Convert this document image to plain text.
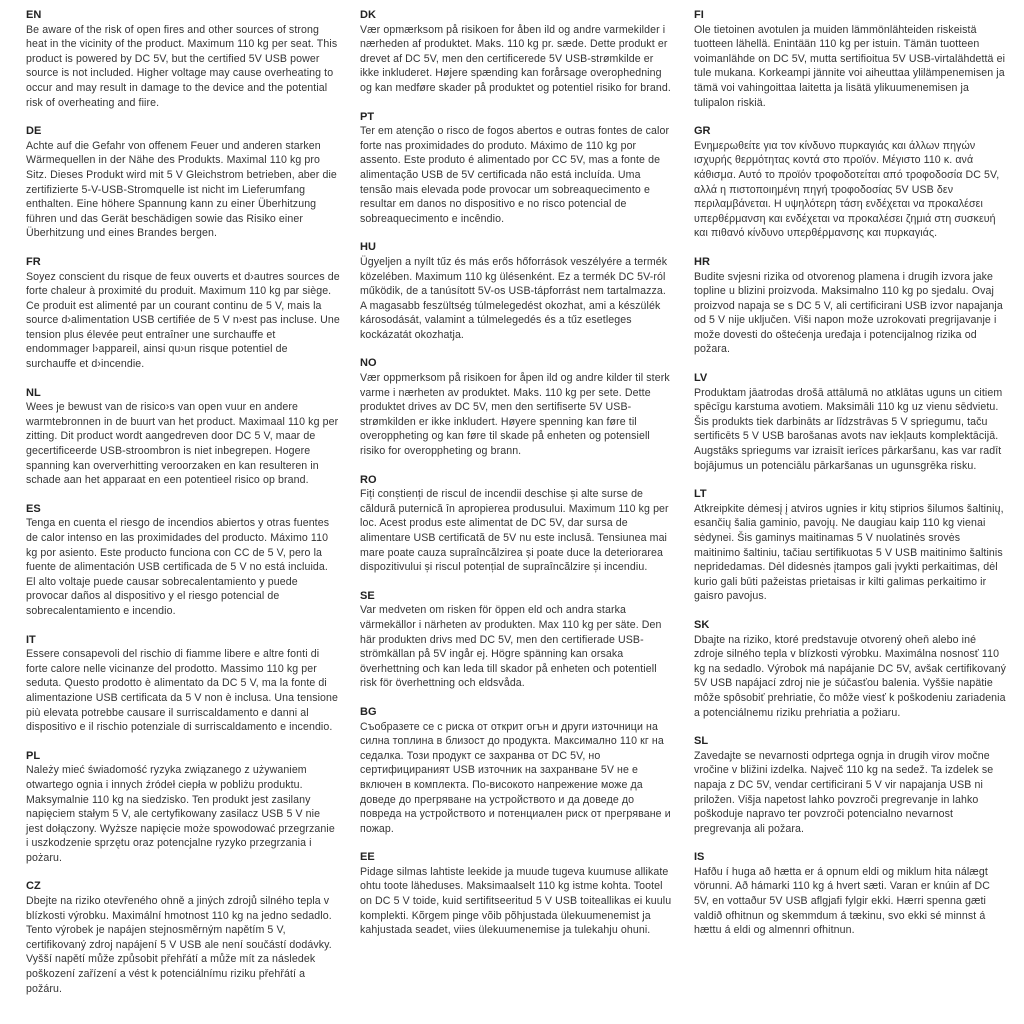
EN

Be aware of the risk of open fires and other sources of strong heat in the vicinity of the product. Maximum 110 kg per seat. This product is powered by DC 5V, but the certified 5V USB power source is not included. Higher voltage may cause overheating to occur and may result in damage to the device and the potential risk of overheating and fiire.

DE

Achte auf die Gefahr von offenem Feuer und anderen starken Wärmequellen in der Nähe des Produkts. Maximal 110 kg pro Sitz. Dieses Produkt wird mit 5 V Gleichstrom betrieben, aber die zertifizierte 5-V-USB-Stromquelle ist nicht im Lieferumfang enthalten. Eine höhere Spannung kann zu einer Überhitzung führen und das Gerät beschädigen sowie das Risiko einer Überhitzung und eines Brandes bergen.

FR

Soyez conscient du risque de feux ouverts et d›autres sources de forte chaleur à proximité du produit. Maximum 110 kg par siège. Ce produit est alimenté par un courant continu de 5 V, mais la source d›alimentation USB certifiée de 5 V n›est pas incluse. Une tension plus élevée peut entraîner une surchauffe et endommager l›appareil, ainsi qu›un risque potentiel de surchauffe et d›incendie.

NL

Wees je bewust van de risico›s van open vuur en andere warmtebronnen in de buurt van het product. Maximaal 110 kg per zitting. Dit product wordt aangedreven door DC 5 V, maar de gecertificeerde USB-stroombron is niet inbegrepen. Hogere spanning kan oververhitting veroorzaken en kan resulteren in schade aan het apparaat en een potentieel risico op brand.

ES

Tenga en cuenta el riesgo de incendios abiertos y otras fuentes de calor intenso en las proximidades del producto. Máximo 110 kg por asiento. Este producto funciona con CC de 5 V, pero la fuente de alimentación USB certificada de 5 V no está incluida. El alto voltaje puede causar sobrecalentamiento y puede provocar daños al dispositivo y el riesgo potencial de sobrecalentamiento e incendio.

IT

Essere consapevoli del rischio di fiamme libere e altre fonti di forte calore nelle vicinanze del prodotto. Massimo 110 kg per seduta. Questo prodotto è alimentato da DC 5 V, ma la fonte di alimentazione USB certificata da 5 V non è inclusa. Una tensione più elevata potrebbe causare il surriscaldamento e danni al dispositivo e il rischio potenziale di surriscaldamento e incendio.

PL

Należy mieć świadomość ryzyka związanego z używaniem otwartego ognia i innych źródeł ciepła w pobliżu produktu. Maksymalnie 110 kg na siedzisko. Ten produkt jest zasilany napięciem stałym 5 V, ale certyfikowany zasilacz USB 5 V nie jest dołączony. Wyższe napięcie może spowodować przegrzanie i uszkodzenie sprzętu oraz potencjalne ryzyko przegrzania i pożaru.

CZ

Dbejte na riziko otevřeného ohně a jiných zdrojů silného tepla v blízkosti výrobku. Maximální hmotnost 110 kg na jedno sedadlo. Tento výrobek je napájen stejnosměrným napětím 5 V, certifikovaný zdroj napájení 5 V USB ale není součástí dodávky. Vyšší napětí může způsobit přehřátí a může mít za následek poškození zařízení a vést k potenciálnímu riziku přehřátí a požáru.

DK

Vær opmærksom på risikoen for åben ild og andre varmekilder i nærheden af produktet. Maks. 110 kg pr. sæde. Dette produkt er drevet af DC 5V, men den certificerede 5V USB-strømkilde er ikke inkluderet. Højere spænding kan forårsage overophedning og kan medføre skader på produktet og potentiel risiko for brand.

PT

Ter em atenção o risco de fogos abertos e outras fontes de calor forte nas proximidades do produto. Máximo de 110 kg por assento. Este produto é alimentado por CC 5V, mas a fonte de alimentação USB de 5V certificada não está incluída. Uma tensão mais elevada pode provocar um sobreaquecimento e resultar em danos no dispositivo e no risco potencial de sobreaquecimento e incêndio.

HU

Ügyeljen a nyílt tűz és más erős hőforrások veszélyére a termék közelében. Maximum 110 kg ülésenként. Ez a termék DC 5V-ról működik, de a tanúsított 5V-os USB-tápforrást nem tartalmazza. A magasabb feszültség túlmelegedést okozhat, ami a készülék károsodását, valamint a túlmelegedés és a tűz esetleges kockázatát okozhatja.

NO

Vær oppmerksom på risikoen for åpen ild og andre kilder til sterk varme i nærheten av produktet. Maks. 110 kg per sete. Dette produktet drives av DC 5V, men den sertifiserte 5V USB-strømkilden er ikke inkludert. Høyere spenning kan føre til overoppheting og kan føre til skade på enheten og potensiell risiko for overoppheting og brann.

RO

Fiți conștienți de riscul de incendii deschise și alte surse de căldură puternică în apropierea produsului. Maximum 110 kg per loc. Acest produs este alimentat de DC 5V, dar sursa de alimentare USB certificată de 5V nu este inclusă. Tensiunea mai mare poate cauza supraîncălzirea și poate duce la deteriorarea dispozitivului și riscul potențial de supraîncălzire și incendiu.

SE

Var medveten om risken för öppen eld och andra starka värmekällor i närheten av produkten. Max 110 kg per säte. Den här produkten drivs med DC 5V, men den certifierade USB-strömkällan på 5V ingår ej. Högre spänning kan orsaka överhettning och kan leda till skador på enheten och potentiell risk för överhettning och eldsvåda.

BG

Съобразете се с риска от открит огън и други източници на силна топлина в близост до продукта. Максимално 110 кг на седалка. Този продукт се захранва от DC 5V, но сертифицираният USB източник на захранване 5V не е включен в комплекта. По-високото напрежение може да доведе до прегряване на устройството и да доведе до повреда на устройството и потенциален риск от прегряване и пожар.

EE

Pidage silmas lahtiste leekide ja muude tugeva kuumuse allikate ohtu toote läheduses. Maksimaalselt 110 kg istme kohta. Tootel on DC 5 V toide, kuid sertifitseeritud 5 V USB toiteallikas ei kuulu komplekti. Kõrgem pinge võib põhjustada ülekuumenemist ja kahjustada seadet, viies ülekuumenemise ja tulekahju ohuni.

FI

Ole tietoinen avotulen ja muiden lämmönlähteiden riskeistä tuotteen lähellä. Enintään 110 kg per istuin. Tämän tuotteen voimanlähde on DC 5V, mutta sertifioitua 5V USB-virtalähdettä ei tule mukana. Korkeampi jännite voi aiheuttaa ylilämpenemisen ja tämä voi vahingoittaa laitetta ja lisätä ylikuumenemisen ja tulipalon riskiä.

GR

Ενημερωθείτε για τον κίνδυνο πυρκαγιάς και άλλων πηγών ισχυρής θερμότητας κοντά στο προϊόν. Μέγιστο 110 κ. ανά κάθισμα. Αυτό το προϊόν τροφοδοτείται από τροφοδοσία DC 5V, αλλά η πιστοποιημένη πηγή τροφοδοσίας 5V USB δεν περιλαμβάνεται. Η υψηλότερη τάση ενδέχεται να προκαλέσει υπερθέρμανση και ενδέχεται να προκαλέσει ζημιά στη συσκευή και πιθανό κίνδυνο υπερθέρμανσης και πυρκαγιάς.

HR

Budite svjesni rizika od otvorenog plamena i drugih izvora jake topline u blizini proizvoda. Maksimalno 110 kg po sjedalu. Ovaj proizvod napaja se s DC 5 V, ali certificirani USB izvor napajanja od 5 V nije uključen. Viši napon može uzrokovati pregrijavanje i može dovesti do oštećenja uređaja i potencijalnog rizika od požara.

LV

Produktam jāatrodas drošā attālumā no atklātas uguns un citiem spēcīgu karstuma avotiem. Maksimāli 110 kg uz vienu sēdvietu. Šis produkts tiek darbināts ar līdzstrāvas 5 V spriegumu, taču sertificēts 5 V USB barošanas avots nav iekļauts komplektācijā. Augstāks spriegums var izraisīt ierīces pārkaršanu, kas var radīt bojājumus un potenciālu pārkaršanas un ugunsgrēka risku.

LT

Atkreipkite dėmesį į atviros ugnies ir kitų stiprios šilumos šaltinių, esančių šalia gaminio, pavojų. Ne daugiau kaip 110 kg vienai sėdynei. Šis gaminys maitinamas 5 V nuolatinės srovės maitinimo šaltiniu, tačiau sertifikuotas 5 V USB maitinimo šaltinis nepridedamas. Dėl didesnės įtampos gali įvykti perkaitimas, dėl kurio gali būti pažeistas prietaisas ir kilti galimas perkaitimo ir gaisro pavojus.

SK

Dbajte na riziko, ktoré predstavuje otvorený oheň alebo iné zdroje silného tepla v blízkosti výrobku. Maximálna nosnosť 110 kg na sedadlo. Výrobok má napájanie DC 5V, avšak certifikovaný 5V USB napájací zdroj nie je súčasťou balenia. Vyššie napätie môže spôsobiť prehriatie, čo môže viesť k poškodeniu zariadenia a potenciálnemu riziku prehriatia a požiaru.

SL

Zavedajte se nevarnosti odprtega ognja in drugih virov močne vročine v bližini izdelka. Največ 110 kg na sedež. Ta izdelek se napaja z DC 5V, vendar certificirani 5 V vir napajanja USB ni priložen. Višja napetost lahko povzroči pregrevanje in lahko poškoduje napravo ter povzroči potencialno nevarnost pregrevanja ali požara.

IS

Hafðu í huga að hætta er á opnum eldi og miklum hita nálægt vörunni. Að hámarki 110 kg á hvert sæti. Varan er knúin af DC 5V, en vottaður 5V USB aflgjafi fylgir ekki. Hærri spenna gæti valdið ofhitnun og skemmdum á tækinu, svo ekki sé minnst á hættu á eldi og almennri ofhitnun.
